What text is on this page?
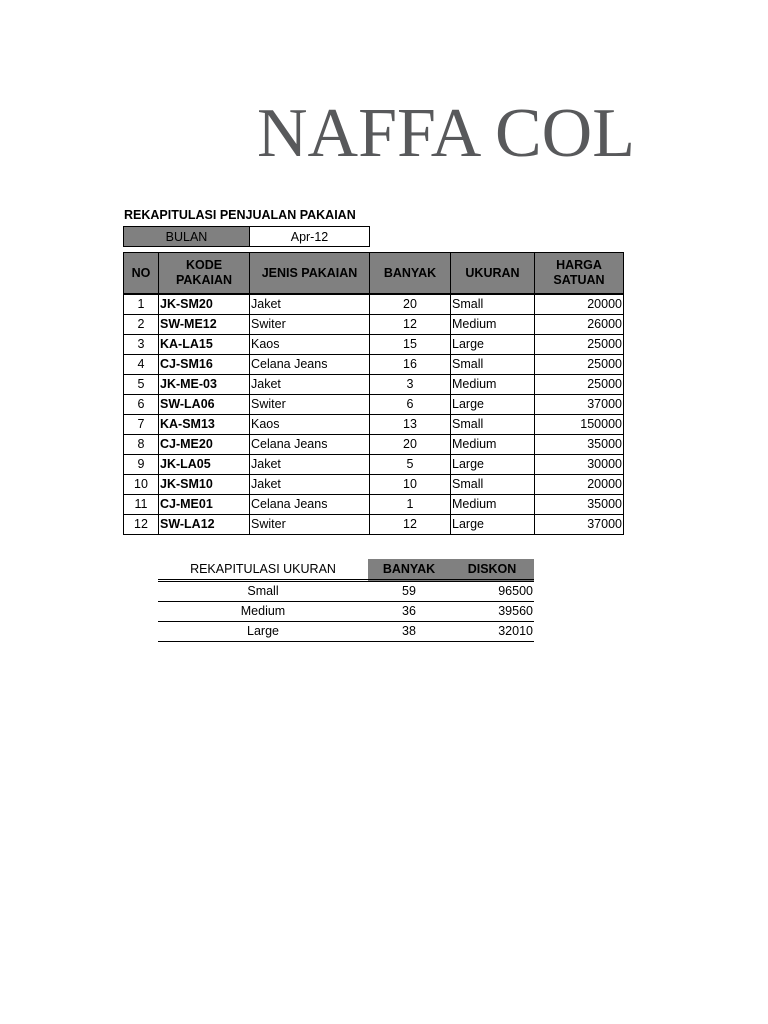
NAFFA COL
REKAPITULASI PENJUALAN PAKAIAN
BULAN	Apr-12
NO	KODE PAKAIAN	JENIS PAKAIAN	BANYAK	UKURAN	HARGA SATUAN
1	JK-SM20	Jaket	20	Small	20000
2	SW-ME12	Switer	12	Medium	26000
3	KA-LA15	Kaos	15	Large	25000
4	CJ-SM16	Celana Jeans	16	Small	25000
5	JK-ME-03	Jaket	3	Medium	25000
6	SW-LA06	Switer	6	Large	37000
7	KA-SM13	Kaos	13	Small	150000
8	CJ-ME20	Celana Jeans	20	Medium	35000
9	JK-LA05	Jaket	5	Large	30000
10	JK-SM10	Jaket	10	Small	20000
11	CJ-ME01	Celana Jeans	1	Medium	35000
12	SW-LA12	Switer	12	Large	37000
REKAPITULASI UKURAN	BANYAK	DISKON
Small	59	96500
Medium	36	39560
Large	38	32010
